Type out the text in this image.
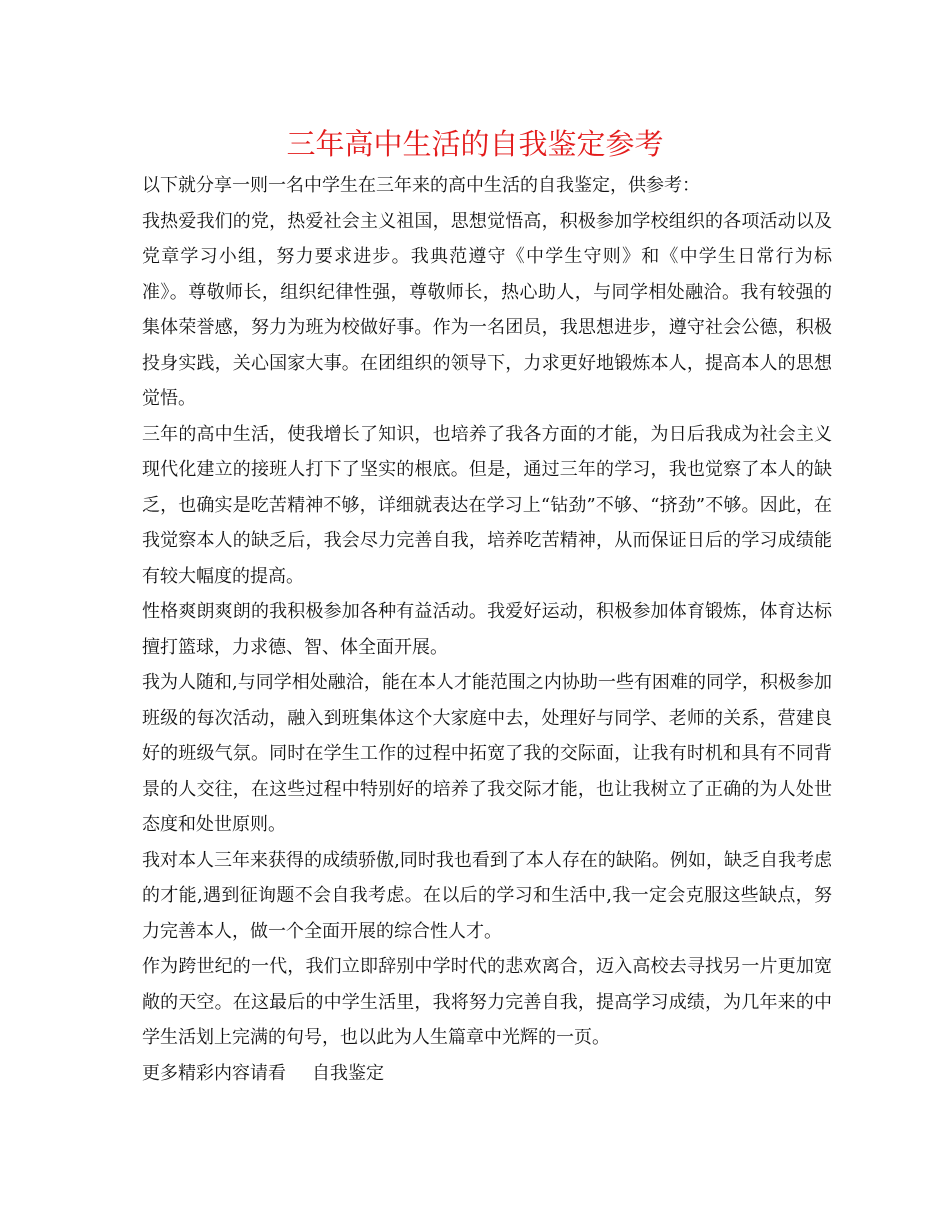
三年高中生活的自我鉴定参考

以下就分享一则一名中学生在三年来的高中生活的自我鉴定，供参考：

我热爱我们的党，热爱社会主义祖国，思想觉悟高，积极参加学校组织的各项活动以及党章学习小组，努力要求进步。我典范遵守《中学生守则》和《中学生日常行为标准》。尊敬师长，组织纪律性强，尊敬师长，热心助人，与同学相处融洽。我有较强的集体荣誉感，努力为班为校做好事。作为一名团员，我思想进步，遵守社会公德，积极投身实践，关心国家大事。在团组织的领导下，力求更好地锻炼本人，提高本人的思想觉悟。

三年的高中生活，使我增长了知识，也培养了我各方面的才能，为日后我成为社会主义现代化建立的接班人打下了坚实的根底。但是，通过三年的学习，我也觉察了本人的缺乏，也确实是吃苦精神不够，详细就表达在学习上“钻劲”不够、“挤劲”不够。因此，在我觉察本人的缺乏后，我会尽力完善自我，培养吃苦精神，从而保证日后的学习成绩能有较大幅度的提高。

性格爽朗爽朗的我积极参加各种有益活动。我爱好运动，积极参加体育锻炼，体育达标擅打篮球，力求德、智、体全面开展。

我为人随和,与同学相处融洽，能在本人才能范围之内协助一些有困难的同学，积极参加班级的每次活动，融入到班集体这个大家庭中去，处理好与同学、老师的关系，营建良好的班级气氛。同时在学生工作的过程中拓宽了我的交际面，让我有时机和具有不同背景的人交往，在这些过程中特别好的培养了我交际才能，也让我树立了正确的为人处世态度和处世原则。

我对本人三年来获得的成绩骄傲,同时我也看到了本人存在的缺陷。例如，缺乏自我考虑的才能,遇到征询题不会自我考虑。在以后的学习和生活中,我一定会克服这些缺点，努力完善本人，做一个全面开展的综合性人才。

作为跨世纪的一代，我们立即辞别中学时代的悲欢离合，迈入高校去寻找另一片更加宽敞的天空。在这最后的中学生活里，我将努力完善自我，提高学习成绩，为几年来的中学生活划上完满的句号，也以此为人生篇章中光辉的一页。

更多精彩内容请看 自我鉴定
